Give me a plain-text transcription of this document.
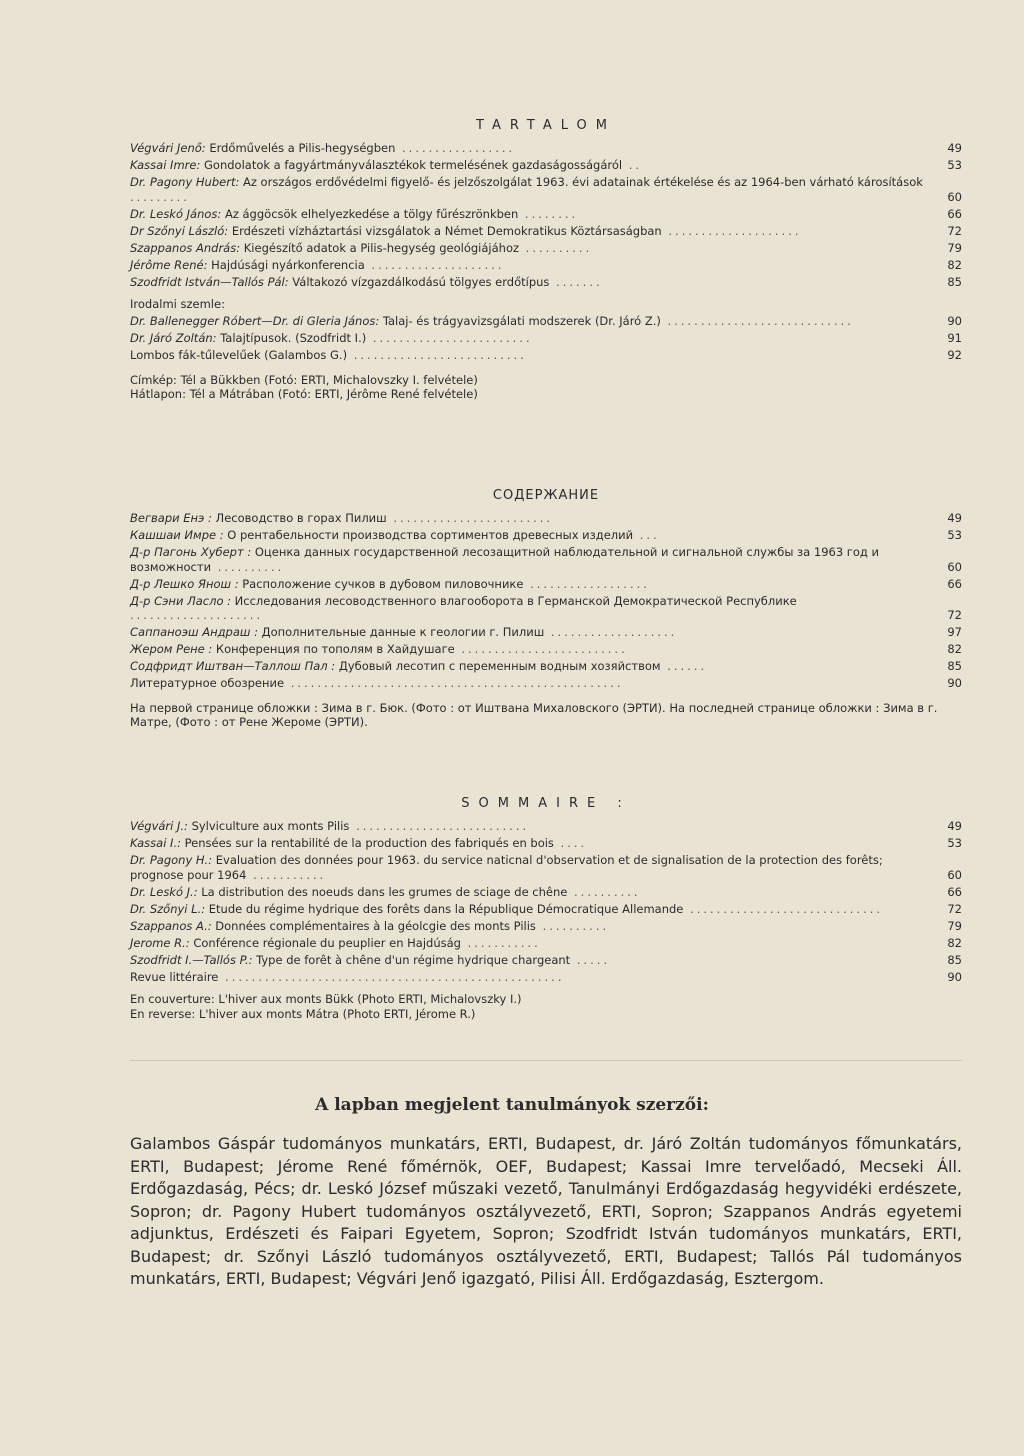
TARTALOM
Végvári Jenő: Erdőművelés a Pilis-hegységben .................	49
Kassai Imre: Gondolatok a fagyártmányválasztékok termelésének gazdaságosságáról ..	53
Dr. Pagony Hubert: Az országos erdővédelmi figyelő- és jelzőszolgálat 1963. évi adatainak értékelése és az 1964-ben várható károsítások .........	60
Dr. Leskó János: Az ággöcsök elhelyezkedése a tölgy fűrészrönkben ........	66
Dr Szőnyi László: Erdészeti vízháztartási vizsgálatok a Német Demokratikus Köztársaságban ....................	72
Szappanos András: Kiegészítő adatok a Pilis-hegység geológiájához ..........	79
Jérôme René: Hajdúsági nyárkonferencia ....................	82
Szodfridt István—Tallós Pál: Váltakozó vízgazdálkodású tölgyes erdőtípus .......	85
Irodalmi szemle:
Dr. Ballenegger Róbert—Dr. di Gleria János: Talaj- és trágyavizsgálati modszerek (Dr. Járó Z.) ............................	90
Dr. Járó Zoltán: Talajtípusok. (Szodfridt I.) ........................	91
Lombos fák-tűlevelűek (Galambos G.) ..........................	92
Címkép: Tél a Bükkben (Fotó: ERTI, Michalovszky I. felvétele)
Hátlapon: Tél a Mátrában (Fotó: ERTI, Jérôme René felvétele)
СОДЕРЖАНИЕ
Вегвари Енэ : Лесоводство в горах Пилиш ........................	49
Кашшаи Имре : О рентабельности производства сортиментов древесных изделий ...	53
Д-р Пагонь Хуберт : Оценка данных государственной лесозащитной наблюдательной и сигнальной службы за 1963 год и возможности ..........	60
Д-р Лешко Янош : Расположение сучков в дубовом пиловочнике ..................	66
Д-р Сэни Ласло : Исследования лесоводственного влагооборота в Германской Демократической Республике ....................	72
Саппаноэш Андраш : Дополнительные данные к геологии г. Пилиш ...................	97
Жером Рене : Конференция по тополям в Хайдушаге .........................	82
Содфридт Иштван—Таллош Пал : Дубовый лесотип с переменным водным хозяйством ......	85
Литературное обозрение ..................................................	90
На первой странице обложки : Зима в г. Бюк. (Фото : от Иштвана Михаловского (ЭРТИ). На последней странице обложки : Зима в г. Матре, (Фото : от Рене Жероме (ЭРТИ).
SOMMAIRE :
Végvári J.: Sylviculture aux monts Pilis ..........................	49
Kassai I.: Pensées sur la rentabilité de la production des fabriqués en bois ....	53
Dr. Pagony H.: Evaluation des données pour 1963. du service naticnal d'observation et de signalisation de la protection des forêts; prognose pour 1964 ...........	60
Dr. Leskó J.: La distribution des noeuds dans les grumes de sciage de chêne ..........	66
Dr. Szőnyi L.: Etude du régime hydrique des forêts dans la République Démocratique Allemande .............................	72
Szappanos A.: Données complémentaires à la géolcgie des monts Pilis ..........	79
Jerome R.: Conférence régionale du peuplier en Hajdúság ...........	82
Szodfridt I.—Tallós P.: Type de forêt à chêne d'un régime hydrique chargeant .....	85
Revue littéraire ...................................................	90
En couverture: L'hiver aux monts Bükk (Photo ERTI, Michalovszky I.)
En reverse: L'hiver aux monts Mátra (Photo ERTI, Jérome R.)
A lapban megjelent tanulmányok szerzői:
Galambos Gáspár tudományos munkatárs, ERTI, Budapest, dr. Járó Zoltán tudományos főmunkatárs, ERTI, Budapest; Jérome René főmérnök, OEF, Budapest; Kassai Imre tervelőadó, Mecseki Áll. Erdőgazdaság, Pécs; dr. Leskó József műszaki vezető, Tanulmányi Erdőgazdaság hegyvidéki erdészete, Sopron; dr. Pagony Hubert tudományos osztályvezető, ERTI, Sopron; Szappanos András egyetemi adjunktus, Erdészeti és Faipari Egyetem, Sopron; Szodfridt István tudományos munkatárs, ERTI, Budapest; dr. Szőnyi László tudományos osztályvezető, ERTI, Budapest; Tallós Pál tudományos munkatárs, ERTI, Budapest; Végvári Jenő igazgató, Pilisi Áll. Erdőgazdaság, Esztergom.
